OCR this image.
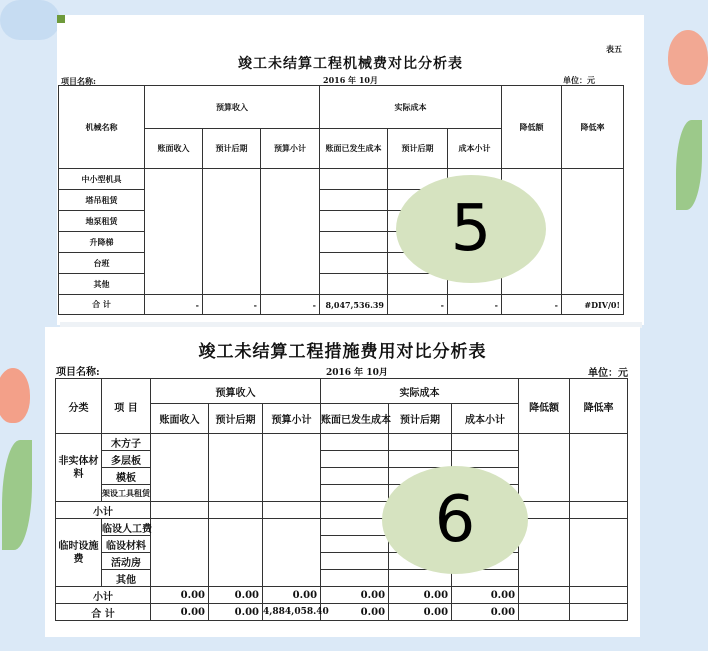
表五
竣工未结算工程机械费对比分析表
项目名称:	2016 年 10月	单位：元
机械名称	预算收入			实际成本			降低额	降低率
	账面收入	预计后期	预算小计	账面已发生成本	预计后期	成本小计		
中小型机具								
塔吊租赁								
地泵租赁								
升降梯								
台班								
其他								
合 计	-	-	-	8,047,536.39	-	-	-	#DIV/0!
竣工未结算工程措施费用对比分析表
项目名称:	2016 年 10月	单位：元
分类	项 目	预算收入			实际成本			降低额	降低率
		账面收入	预计后期	预算小计	账面已发生成本	预计后期	成本小计		
非实体材料	木方子								
	多层板								
	模板								
	架设工具租赁								
小计									
临时设施费	临设人工费								
	临设材料								
	活动房								
	其他								
小计		0.00	0.00	0.00	0.00	0.00	0.00		
合 计		0.00	0.00	4,884,058.40	0.00	0.00	0.00		
5
6
